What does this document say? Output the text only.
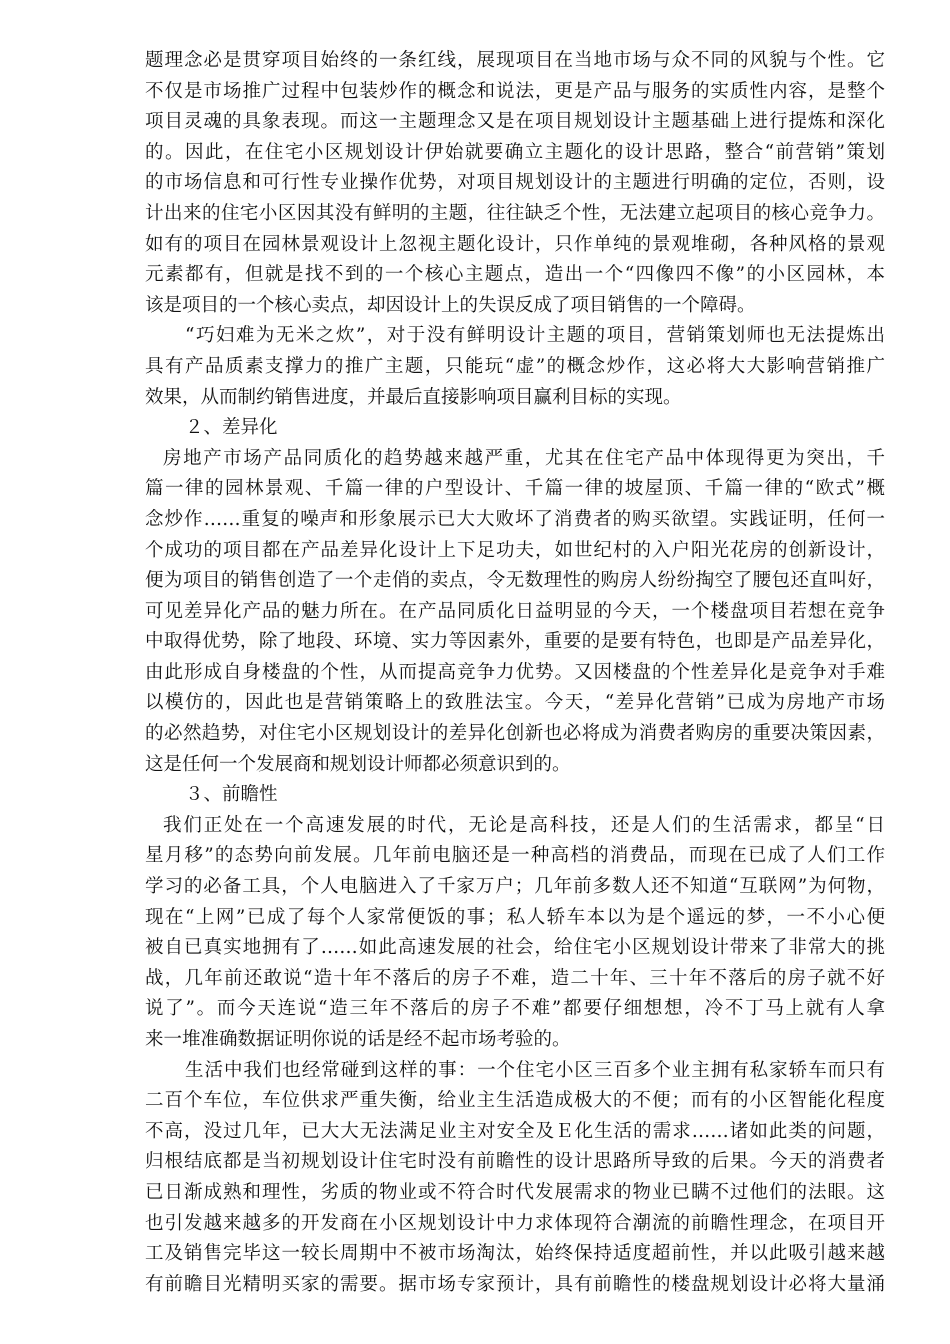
题理念必是贯穿项目始终的一条红线，展现项目在当地市场与众不同的风貌与个性。它
不仅是市场推广过程中包装炒作的概念和说法，更是产品与服务的实质性内容，是整个
项目灵魂的具象表现。而这一主题理念又是在项目规划设计主题基础上进行提炼和深化
的。因此，在住宅小区规划设计伊始就要确立主题化的设计思路，整合“前营销”策划
的市场信息和可行性专业操作优势，对项目规划设计的主题进行明确的定位，否则，设
计出来的住宅小区因其没有鲜明的主题，往往缺乏个性，无法建立起项目的核心竞争力。
如有的项目在园林景观设计上忽视主题化设计，只作单纯的景观堆砌，各种风格的景观
元素都有，但就是找不到的一个核心主题点，造出一个“四像四不像”的小区园林，本
该是项目的一个核心卖点，却因设计上的失误反成了项目销售的一个障碍。
“巧妇难为无米之炊”，对于没有鲜明设计主题的项目，营销策划师也无法提炼出
具有产品质素支撑力的推广主题，只能玩“虚”的概念炒作，这必将大大影响营销推广
效果，从而制约销售进度，并最后直接影响项目赢利目标的实现。
２、差异化
房地产市场产品同质化的趋势越来越严重，尤其在住宅产品中体现得更为突出，千
篇一律的园林景观、千篇一律的户型设计、千篇一律的坡屋顶、千篇一律的“欧式”概
念炒作……重复的噪声和形象展示已大大败坏了消费者的购买欲望。实践证明，任何一
个成功的项目都在产品差异化设计上下足功夫，如世纪村的入户阳光花房的创新设计，
便为项目的销售创造了一个走俏的卖点，令无数理性的购房人纷纷掏空了腰包还直叫好，
可见差异化产品的魅力所在。在产品同质化日益明显的今天，一个楼盘项目若想在竞争
中取得优势，除了地段、环境、实力等因素外，重要的是要有特色，也即是产品差异化，
由此形成自身楼盘的个性，从而提高竞争力优势。又因楼盘的个性差异化是竞争对手难
以模仿的，因此也是营销策略上的致胜法宝。今天，“差异化营销”已成为房地产市场
的必然趋势，对住宅小区规划设计的差异化创新也必将成为消费者购房的重要决策因素，
这是任何一个发展商和规划设计师都必须意识到的。
３、前瞻性
我们正处在一个高速发展的时代，无论是高科技，还是人们的生活需求，都呈“日
星月移”的态势向前发展。几年前电脑还是一种高档的消费品，而现在已成了人们工作
学习的必备工具，个人电脑进入了千家万户；几年前多数人还不知道“互联网”为何物，
现在“上网”已成了每个人家常便饭的事；私人轿车本以为是个遥远的梦，一不小心便
被自已真实地拥有了……如此高速发展的社会，给住宅小区规划设计带来了非常大的挑
战，几年前还敢说“造十年不落后的房子不难，造二十年、三十年不落后的房子就不好
说了”。而今天连说“造三年不落后的房子不难”都要仔细想想，冷不丁马上就有人拿
来一堆准确数据证明你说的话是经不起市场考验的。
生活中我们也经常碰到这样的事：一个住宅小区三百多个业主拥有私家轿车而只有
二百个车位，车位供求严重失衡，给业主生活造成极大的不便；而有的小区智能化程度
不高，没过几年，已大大无法满足业主对安全及Ｅ化生活的需求……诸如此类的问题，
归根结底都是当初规划设计住宅时没有前瞻性的设计思路所导致的后果。今天的消费者
已日渐成熟和理性，劣质的物业或不符合时代发展需求的物业已瞒不过他们的法眼。这
也引发越来越多的开发商在小区规划设计中力求体现符合潮流的前瞻性理念，在项目开
工及销售完毕这一较长周期中不被市场淘汰，始终保持适度超前性，并以此吸引越来越
有前瞻目光精明买家的需要。据市场专家预计，具有前瞻性的楼盘规划设计必将大量涌
